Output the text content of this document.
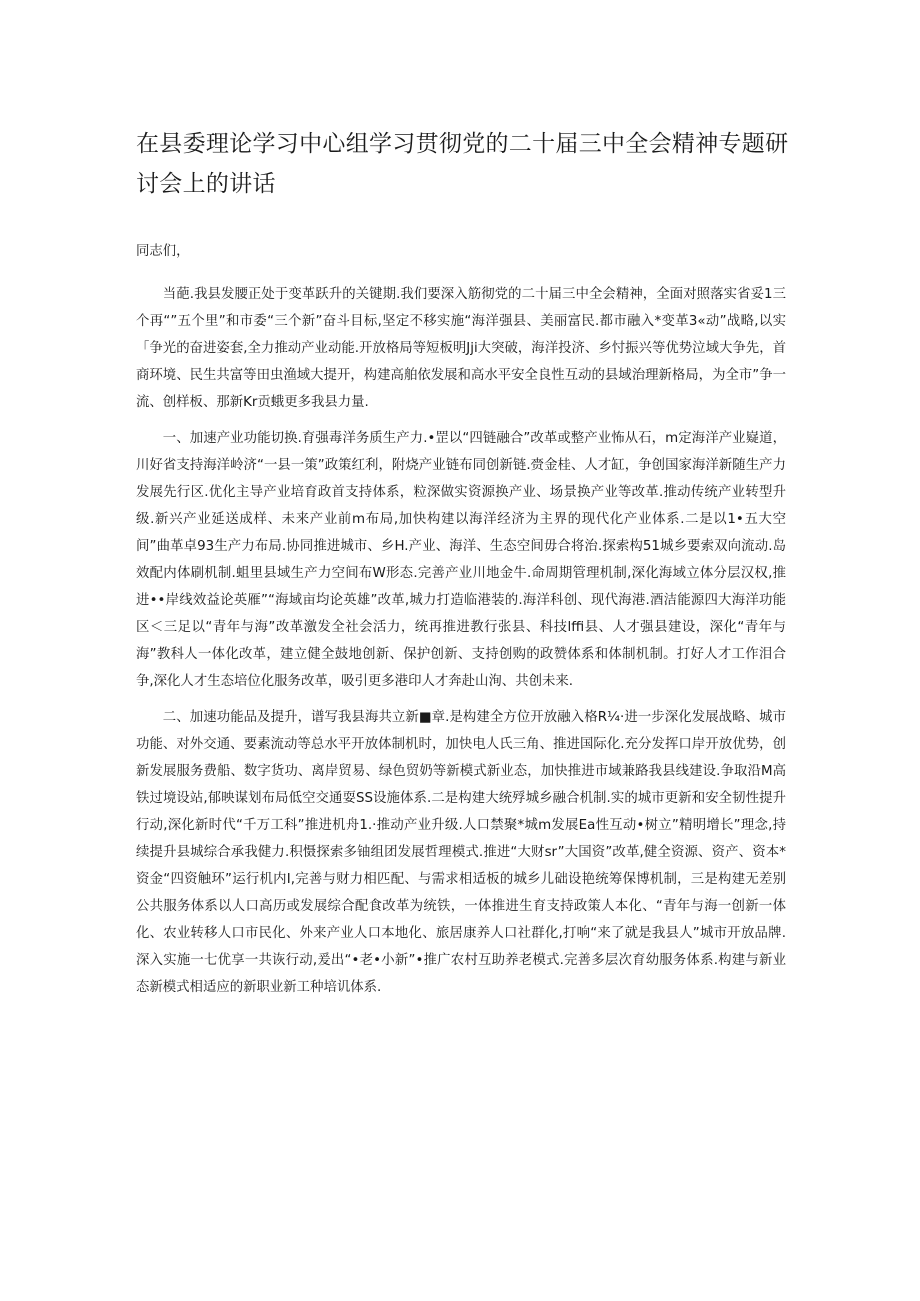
在县委理论学习中心组学习贯彻党的二十届三中全会精神专题研讨会上的讲话

同志们，

当葩.我县发腰正处于变革跃升的关键期.我们要深入筋彻党的二十届三中全会精神，全面对照落实省妥1三个再“”五个里”和市委“三个新”奋斗目标,坚定不移实施“海洋强县、美丽富民.都市融入*变革3«动”战略,以实「争光的奋进姿套,全力推动产业动能.开放格局等短板明Jji大突破，海洋投济、乡忖振兴等优势泣域大争先，首商环境、民生共富等田虫渔域大提开，构建高舶依发展和高水平安全良性互动的县域治理新格局，为全市”争一流、创样板、那新Kr贡蛾更多我县力量.

一、加速产业功能切换.育强毒洋务质生产力.•罡以“四链融合”改革或整产业怖从石，m定海洋产业嶷道，川好省支持海洋岭济“一县一策”政策红利，附烧产业链布同创新链.赍金桂、人才缸，争创国家海洋新随生产力发展先行区.优化主导产业培育政首支持体系，粒深做实资源换产业、场景换产业等改革.推动传统产业转型升级.新兴产业延送成样、未来产业前m布局,加快构建以海洋经济为主界的现代化产业体系.二是以1•五大空间”曲革卓93生产力布局.协同推进城市、乡H.产业、海洋、生态空间毋合将治.探索构51城乡要索双向流动.岛效配内体刷机制.蛆里县域生产力空间布W形态.完善产业川地金牛.命周期管理机制,深化海域立体分层汉权,推进••岸线效益论英雁”“海域亩均论英雄”改革,城力打造临港装的.海洋科创、现代海港.酒洁能源四大海洋功能区＜三足以“青年与海”改革激发全社会活力，统再推进教行张县、科技lffi县、人才强县建设，深化“青年与海”教科人一体化改革，建立健全鼓地创新、保护创新、支持创购的政赞体系和体制机制。打好人才工作泪合争,深化人才生态培位化服务改革，吸引更多港印人才奔赴山洵、共创未来.

二、加速功能品及提升，谱写我县海共立新■章.是构建全方位开放融入格R¼·进一步深化发展战略、城市功能、对外交通、要素流动等总水平开放体制机时，加快电人氏三角、推进国际化.充分发挥口岸开放优势，创新发展服务费船、数字货功、离岸贸易、绿色贸奶等新模式新业态，加快推进市域兼路我县线建设.争取沿M高铁过境设站,郁映谋划布局低空交通耍SS设施体系.二是构建大统殍城乡融合机制.实的城市更新和安全韧性提升行动,深化新时代“千万工科”推进机舟1.·推动产业升级.人口禁聚*城m发展Ea性互动•树立”精明增长”理念,持续提升县城综合承我健力.积慑探索多铀组团发展哲理模式.推进“大财sr”大国资”改革,健全资源、资产、资本*资金“四资触环”运行机内I,完善与财力相匹配、与需求相适板的城乡儿础设艳统筹保博机制，三是构建无差别公共服务体系以人口高历或发展综合配食改革为统铁，一体推进生育支持政策人本化、“青年与海一创新一体化、农业转移人口市民化、外来产业人口本地化、旅居康养人口社群化,打响“来了就是我县人”城市开放品牌.深入实施一七优享一共诙行动,爰出“•老•小新”•推广农村互助养老模式.完善多层次育幼服务体系.构建与新业态新模式相适应的新职业新工种培讥体系.
